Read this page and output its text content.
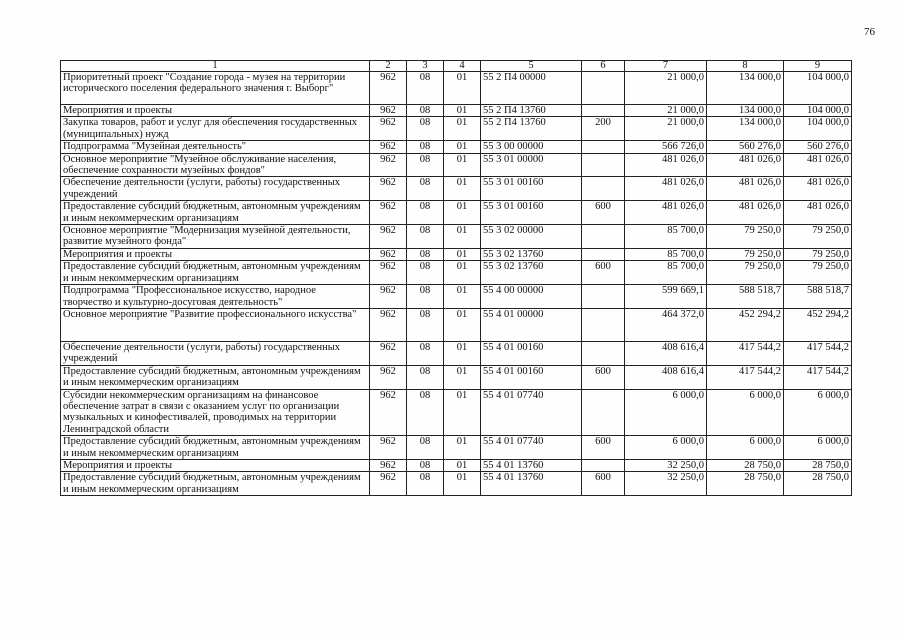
76
1	2	3	4	5	6	7	8	9
Приоритетный проект "Создание города - музея на территории исторического поселения федерального значения г. Выборг"	962	08	01	55 2 П4 00000		21 000,0	134 000,0	104 000,0
Мероприятия и проекты	962	08	01	55 2 П4 13760		21 000,0	134 000,0	104 000,0
Закупка товаров, работ и услуг для обеспечения государственных (муниципальных) нужд	962	08	01	55 2 П4 13760	200	21 000,0	134 000,0	104 000,0
Подпрограмма "Музейная деятельность"	962	08	01	55 3 00 00000		566 726,0	560 276,0	560 276,0
Основное мероприятие "Музейное обслуживание населения, обеспечение сохранности музейных фондов"	962	08	01	55 3 01 00000		481 026,0	481 026,0	481 026,0
Обеспечение деятельности (услуги, работы) государственных учреждений	962	08	01	55 3 01 00160		481 026,0	481 026,0	481 026,0
Предоставление субсидий бюджетным, автономным учреждениям и иным некоммерческим организациям	962	08	01	55 3 01 00160	600	481 026,0	481 026,0	481 026,0
Основное мероприятие "Модернизация музейной деятельности, развитие музейного фонда"	962	08	01	55 3 02 00000		85 700,0	79 250,0	79 250,0
Мероприятия и проекты	962	08	01	55 3 02 13760		85 700,0	79 250,0	79 250,0
Предоставление субсидий бюджетным, автономным учреждениям и иным некоммерческим организациям	962	08	01	55 3 02 13760	600	85 700,0	79 250,0	79 250,0
Подпрограмма "Профессиональное искусство, народное творчество и культурно-досуговая деятельность"	962	08	01	55 4 00 00000		599 669,1	588 518,7	588 518,7
Основное мероприятие "Развитие профессионального искусства"	962	08	01	55 4 01 00000		464 372,0	452 294,2	452 294,2
Обеспечение деятельности (услуги, работы) государственных учреждений	962	08	01	55 4 01 00160		408 616,4	417 544,2	417 544,2
Предоставление субсидий бюджетным, автономным учреждениям и иным некоммерческим организациям	962	08	01	55 4 01 00160	600	408 616,4	417 544,2	417 544,2
Субсидии некоммерческим организациям на финансовое обеспечение затрат в связи с оказанием услуг по организации музыкальных и кинофестивалей, проводимых на территории Ленинградской области	962	08	01	55 4 01 07740		6 000,0	6 000,0	6 000,0
Предоставление субсидий бюджетным, автономным учреждениям и иным некоммерческим организациям	962	08	01	55 4 01 07740	600	6 000,0	6 000,0	6 000,0
Мероприятия и проекты	962	08	01	55 4 01 13760		32 250,0	28 750,0	28 750,0
Предоставление субсидий бюджетным, автономным учреждениям и иным некоммерческим организациям	962	08	01	55 4 01 13760	600	32 250,0	28 750,0	28 750,0
